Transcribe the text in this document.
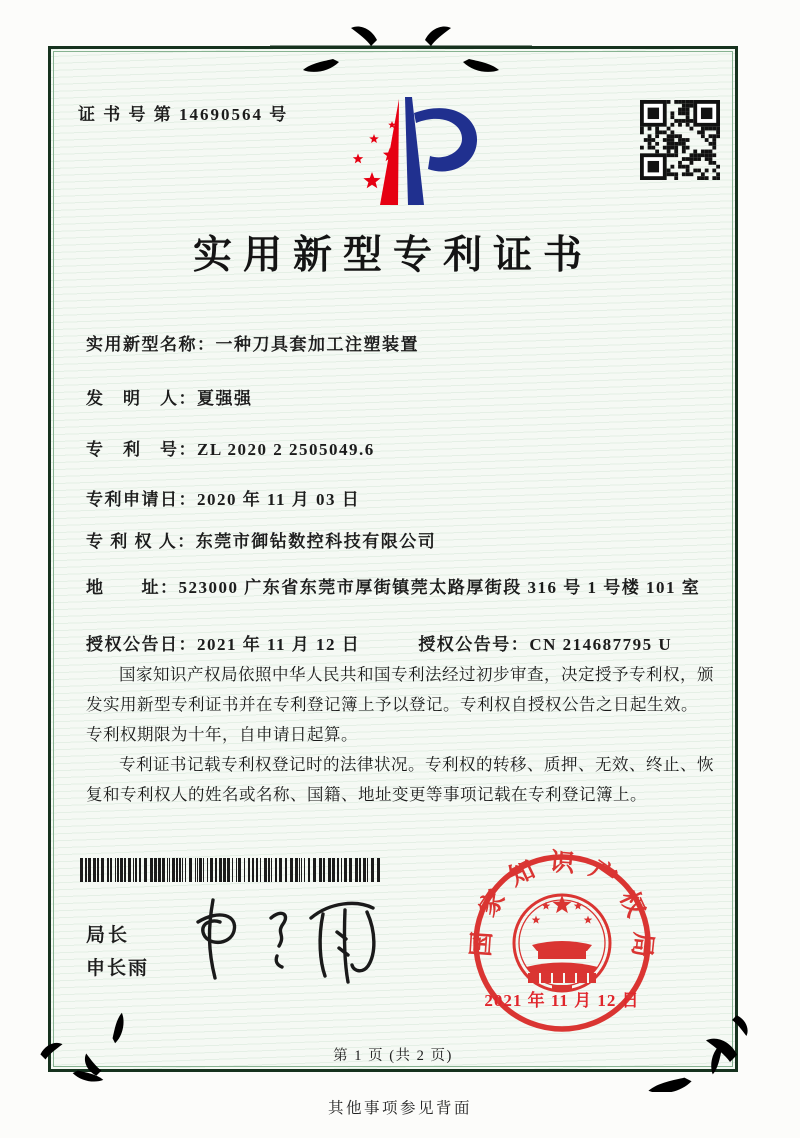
证 书 号 第 14690564 号
实用新型专利证书
实用新型名称：一种刀具套加工注塑装置
发　明　人：夏强强
专　利　号：ZL 2020 2 2505049.6
专利申请日：2020 年 11 月 03 日
专 利 权 人：东莞市御钻数控科技有限公司
地　　址：523000 广东省东莞市厚街镇莞太路厚街段 316 号 1 号楼 101 室
授权公告日：2021 年 11 月 12 日	授权公告号：CN 214687795 U

国家知识产权局依照中华人民共和国专利法经过初步审查，决定授予专利权，颁发实用新型专利证书并在专利登记簿上予以登记。专利权自授权公告之日起生效。专利权期限为十年，自申请日起算。

专利证书记载专利权登记时的法律状况。专利权的转移、质押、无效、终止、恢复和专利权人的姓名或名称、国籍、地址变更等事项记载在专利登记簿上。

局长
申长雨
国家知识产权局
2021 年 11 月 12 日
第 1 页 (共 2 页)
其他事项参见背面
